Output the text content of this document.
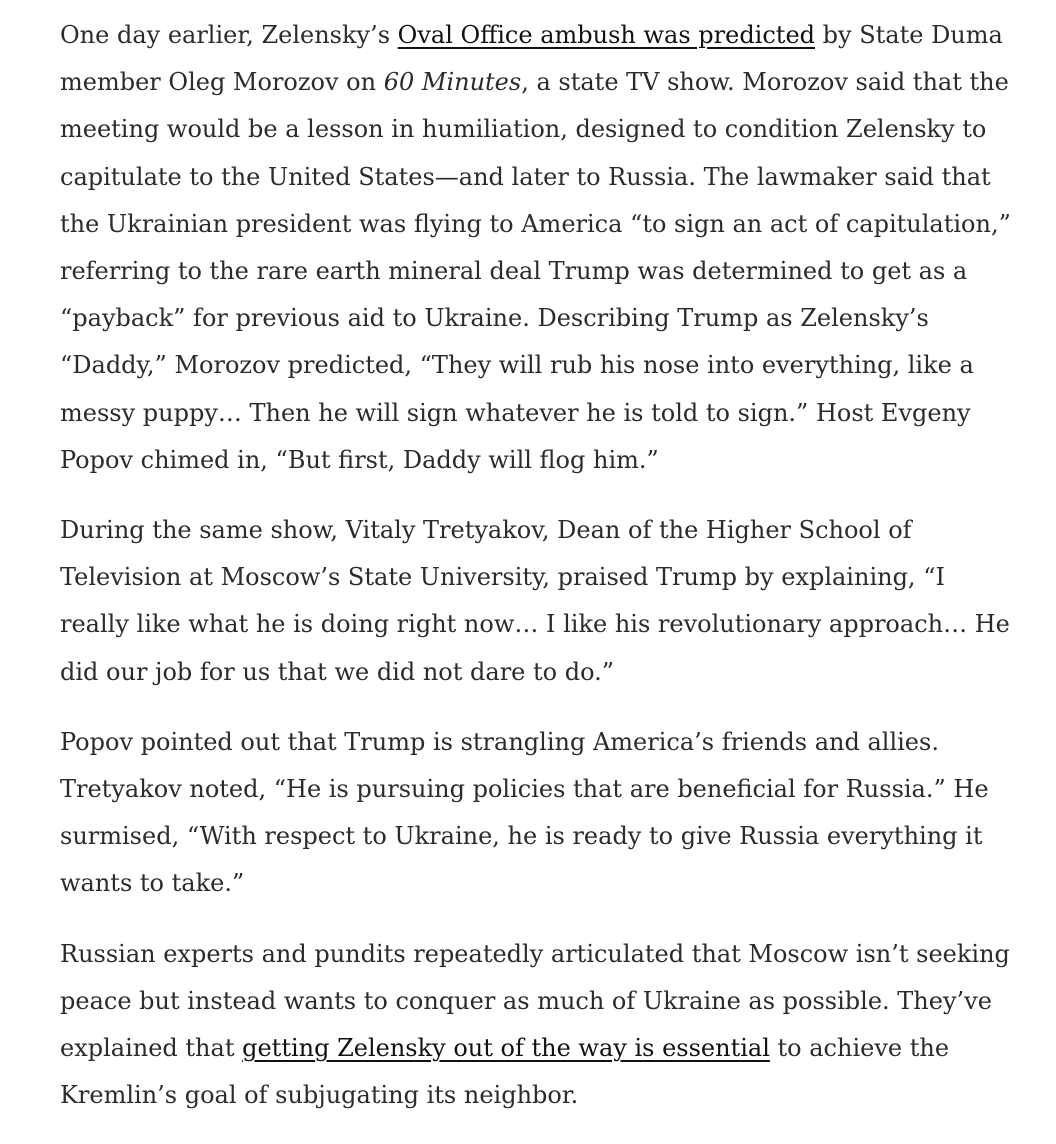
One day earlier, Zelensky’s Oval Office ambush was predicted by State Duma member Oleg Morozov on 60 Minutes, a state TV show. Morozov said that the meeting would be a lesson in humiliation, designed to condition Zelensky to capitulate to the United States—and later to Russia. The lawmaker said that the Ukrainian president was flying to America “to sign an act of capitulation,” referring to the rare earth mineral deal Trump was determined to get as a “payback” for previous aid to Ukraine. Describing Trump as Zelensky’s “Daddy,” Morozov predicted, “They will rub his nose into everything, like a messy puppy… Then he will sign whatever he is told to sign.” Host Evgeny Popov chimed in, “But first, Daddy will flog him.”

During the same show, Vitaly Tretyakov, Dean of the Higher School of Television at Moscow’s State University, praised Trump by explaining, “I really like what he is doing right now… I like his revolutionary approach… He did our job for us that we did not dare to do.”

Popov pointed out that Trump is strangling America’s friends and allies. Tretyakov noted, “He is pursuing policies that are beneficial for Russia.” He surmised, “With respect to Ukraine, he is ready to give Russia everything it wants to take.”

Russian experts and pundits repeatedly articulated that Moscow isn’t seeking peace but instead wants to conquer as much of Ukraine as possible. They’ve explained that getting Zelensky out of the way is essential to achieve the Kremlin’s goal of subjugating its neighbor.
